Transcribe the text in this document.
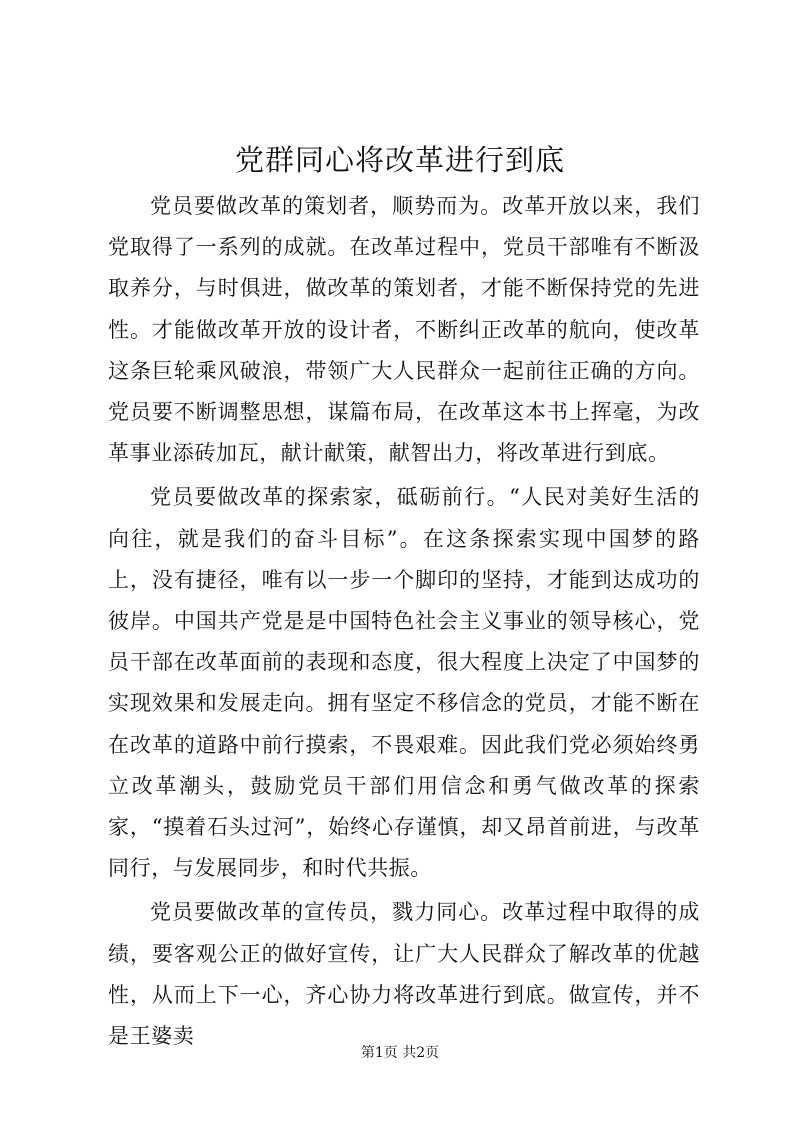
党群同心将改革进行到底

党员要做改革的策划者，顺势而为。改革开放以来，我们党取得了一系列的成就。在改革过程中，党员干部唯有不断汲取养分，与时俱进，做改革的策划者，才能不断保持党的先进性。才能做改革开放的设计者，不断纠正改革的航向，使改革这条巨轮乘风破浪，带领广大人民群众一起前往正确的方向。党员要不断调整思想，谋篇布局，在改革这本书上挥毫，为改革事业添砖加瓦，献计献策，献智出力，将改革进行到底。

党员要做改革的探索家，砥砺前行。“人民对美好生活的向往，就是我们的奋斗目标”。在这条探索实现中国梦的路上，没有捷径，唯有以一步一个脚印的坚持，才能到达成功的彼岸。中国共产党是是中国特色社会主义事业的领导核心，党员干部在改革面前的表现和态度，很大程度上决定了中国梦的实现效果和发展走向。拥有坚定不移信念的党员，才能不断在在改革的道路中前行摸索，不畏艰难。因此我们党必须始终勇立改革潮头，鼓励党员干部们用信念和勇气做改革的探索家，“摸着石头过河”，始终心存谨慎，却又昂首前进，与改革同行，与发展同步，和时代共振。

党员要做改革的宣传员，戮力同心。改革过程中取得的成绩，要客观公正的做好宣传，让广大人民群众了解改革的优越性，从而上下一心，齐心协力将改革进行到底。做宣传，并不是王婆卖

第1页 共2页
